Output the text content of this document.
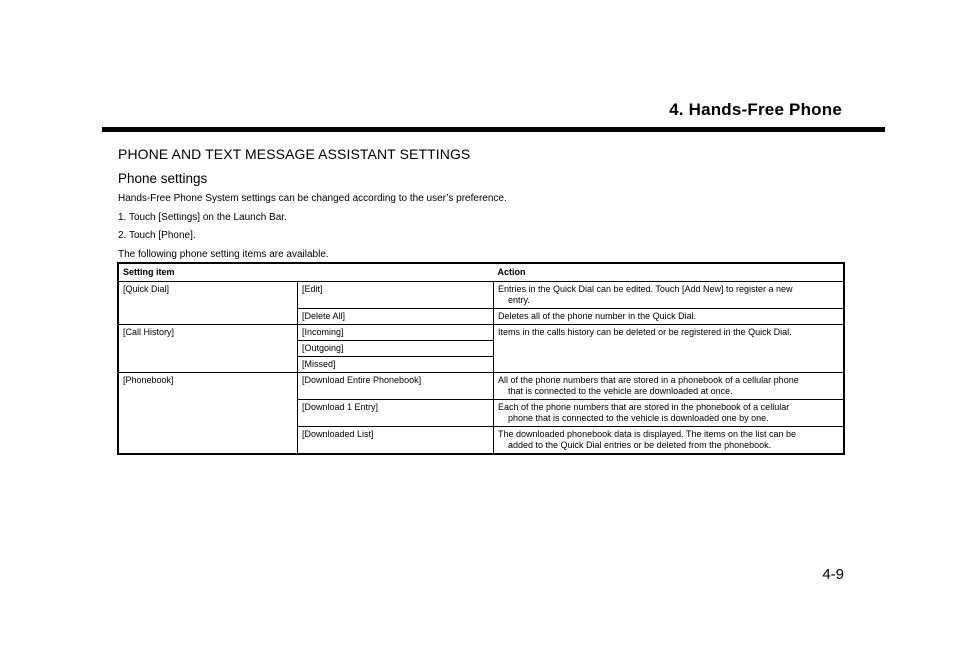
4. Hands-Free Phone
PHONE AND TEXT MESSAGE ASSISTANT SETTINGS
Phone settings
Hands-Free Phone System settings can be changed according to the user’s preference.
1. Touch [Settings] on the Launch Bar.
2. Touch [Phone].
The following phone setting items are available.
Setting item		Action
[Quick Dial]	[Edit]	Entries in the Quick Dial can be edited. Touch [Add New] to register a new
entry.

	[Delete All]	Deletes all of the phone number in the Quick Dial.
[Call History]	[Incoming]	Items in the calls history can be deleted or be registered in the Quick Dial.
	[Outgoing]	
	[Missed]	
[Phonebook]	[Download Entire Phonebook]	All of the phone numbers that are stored in a phonebook of a cellular phone
that is connected to the vehicle are downloaded at once.

	[Download 1 Entry]	Each of the phone numbers that are stored in the phonebook of a cellular
phone that is connected to the vehicle is downloaded one by one.

	[Downloaded List]	The downloaded phonebook data is displayed. The items on the list can be
added to the Quick Dial entries or be deleted from the phonebook.
4-9
